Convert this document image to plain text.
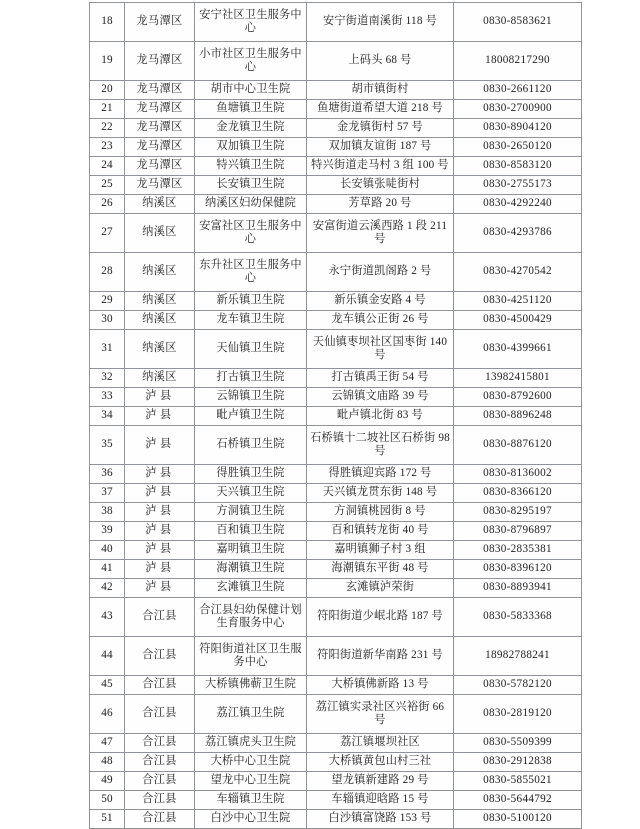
18	龙马潭区	安宁社区卫生服务中心	安宁街道南溪街 118 号	0830-8583621
19	龙马潭区	小市社区卫生服务中心	上码头 68 号	18008217290
20	龙马潭区	胡市中心卫生院	胡市镇街村	0830-2661120
21	龙马潭区	鱼塘镇卫生院	鱼塘街道希望大道 218 号	0830-2700900
22	龙马潭区	金龙镇卫生院	金龙镇街村 57 号	0830-8904120
23	龙马潭区	双加镇卫生院	双加镇友谊街 187 号	0830-2650120
24	龙马潭区	特兴镇卫生院	特兴街道走马村 3 组 100 号	0830-8583120
25	龙马潭区	长安镇卫生院	长安镇张唗街村	0830-2755173
26	纳溪区	纳溪区妇幼保健院	芳草路 20 号	0830-4292240
27	纳溪区	安富社区卫生服务中心	安富街道云溪西路 1 段 211 号	0830-4293786
28	纳溪区	东升社区卫生服务中心	永宁街道凯阁路 2 号	0830-4270542
29	纳溪区	新乐镇卫生院	新乐镇金安路 4 号	0830-4251120
30	纳溪区	龙车镇卫生院	龙车镇公正街 26 号	0830-4500429
31	纳溪区	天仙镇卫生院	天仙镇枣坝社区国枣街 140 号	0830-4399661
32	纳溪区	打古镇卫生院	打古镇禹王街 54 号	13982415801
33	泸县	云锦镇卫生院	云锦镇文庙路 39 号	0830-8792600
34	泸县	毗卢镇卫生院	毗卢镇北街 83 号	0830-8896248
35	泸县	石桥镇卫生院	石桥镇十二坡社区石桥街 98 号	0830-8876120
36	泸县	得胜镇卫生院	得胜镇迎宾路 172 号	0830-8136002
37	泸县	天兴镇卫生院	天兴镇龙贯东街 148 号	0830-8366120
38	泸县	方洞镇卫生院	方洞镇桃园街 8 号	0830-8295197
39	泸县	百和镇卫生院	百和镇转龙街 40 号	0830-8796897
40	泸县	嘉明镇卫生院	嘉明镇狮子村 3 组	0830-2835381
41	泸县	海潮镇卫生院	海潮镇东平街 48 号	0830-8396120
42	泸县	玄滩镇卫生院	玄滩镇泸荣街	0830-8893941
43	合江县	合江县妇幼保健计划生育服务中心	符阳街道少岷北路 187 号	0830-5833368
44	合江县	符阳街道社区卫生服务中心	符阳街道新华南路 231 号	18982788241
45	合江县	大桥镇佛蕲卫生院	大桥镇佛新路 13 号	0830-5782120
46	合江县	荔江镇卫生院	荔江镇实录社区兴裕街 66 号	0830-2819120
47	合江县	荔江镇虎头卫生院	荔江镇堰坝社区	0830-5509399
48	合江县	大桥中心卫生院	大桥镇黄包山村三社	0830-2912838
49	合江县	望龙中心卫生院	望龙镇新建路 29 号	0830-5855021
50	合江县	车辎镇卫生院	车辎镇迎晗路 15 号	0830-5644792
51	合江县	白沙中心卫生院	白沙镇富饶路 153 号	0830-5100120
